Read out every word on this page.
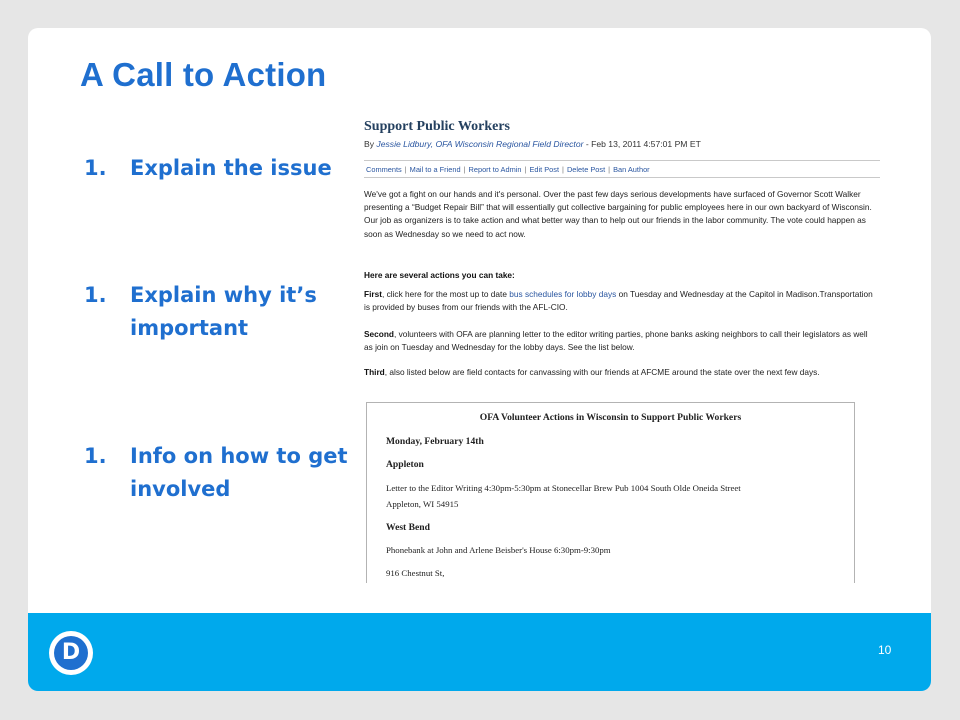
A Call to Action
1. Explain the issue
1. Explain why it’s important
1. Info on how to get involved
Support Public Workers
By Jessie Lidbury, OFA Wisconsin Regional Field Director - Feb 13, 2011 4:57:01 PM ET
Comments | Mail to a Friend | Report to Admin | Edit Post | Delete Post | Ban Author
We've got a fight on our hands and it's personal. Over the past few days serious developments have surfaced of Governor Scott Walker presenting a “Budget Repair Bill” that will essentially gut collective bargaining for public employees here in our own backyard of Wisconsin. Our job as organizers is to take action and what better way than to help out our friends in the labor community. The vote could happen as soon as Wednesday so we need to act now.
Here are several actions you can take:
First, click here for the most up to date bus schedules for lobby days on Tuesday and Wednesday at the Capitol in Madison.Transportation is provided by buses from our friends with the AFL-CIO.
Second, volunteers with OFA are planning letter to the editor writing parties, phone banks asking neighbors to call their legislators as well as join on Tuesday and Wednesday for the lobby days. See the list below.
Third, also listed below are field contacts for canvassing with our friends at AFCME around the state over the next few days.
OFA Volunteer Actions in Wisconsin to Support Public Workers
Monday, February 14th
Appleton
Letter to the Editor Writing 4:30pm-5:30pm at Stonecellar Brew Pub 1004 South Olde Oneida Street
Appleton, WI 54915
West Bend
Phonebank at John and Arlene Beisber's House 6:30pm-9:30pm
916 Chestnut St,
D	10
